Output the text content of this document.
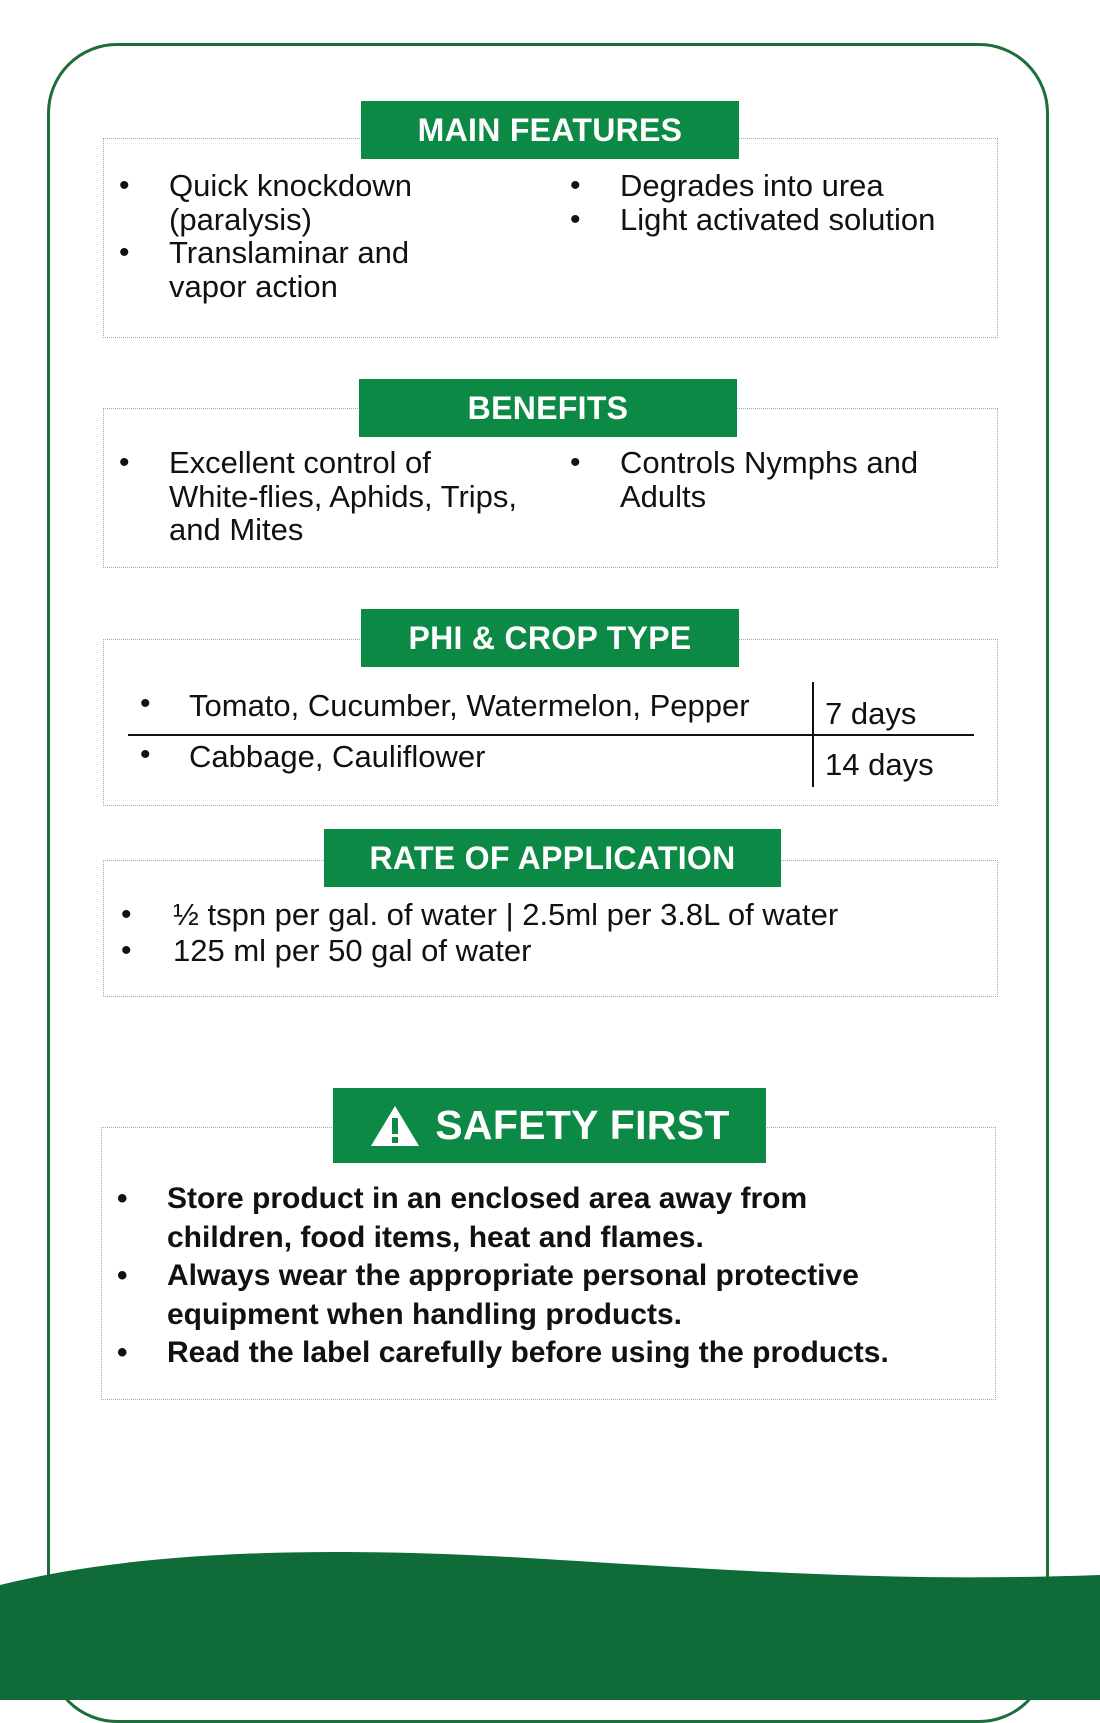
• Quick knockdown (paralysis)
• Translaminar and vapor action
• Degrades into urea
• Light activated solution
MAIN FEATURES
• Excellent control of White-flies, Aphids, Trips, and Mites
• Controls Nymphs and Adults
BENEFITS
• Tomato, Cucumber, Watermelon, Pepper 7 days
• Cabbage, Cauliflower	14 days
PHI & CROP TYPE
• ½ tspn per gal. of water | 2.5ml per 3.8L of water
• 125 ml per 50 gal of water
RATE OF APPLICATION
• Store product in an enclosed area away from children, food items, heat and flames.
• Always wear the appropriate personal protective equipment when handling products.
• Read the label carefully before using the products.
SAFETY FIRST
